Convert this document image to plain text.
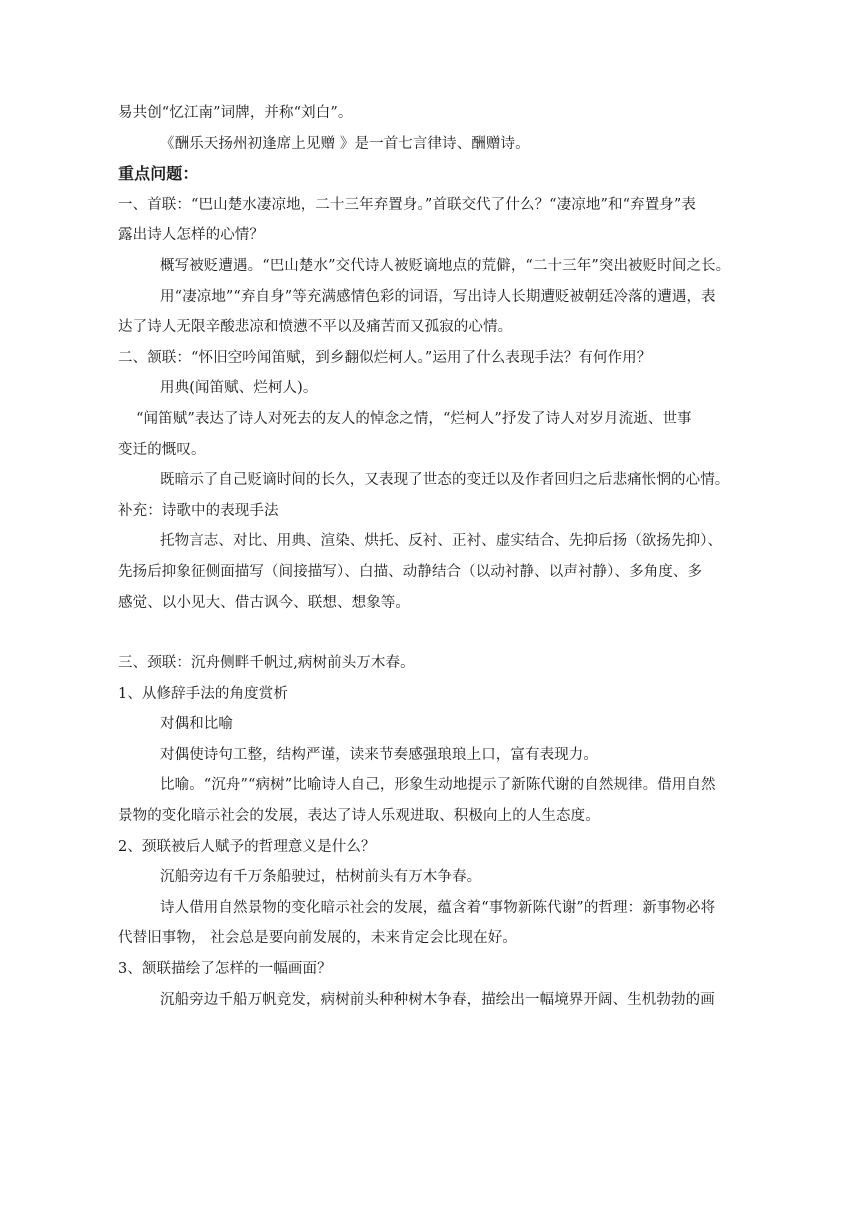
易共创“忆江南”词牌，并称“刘白”。
《酬乐天扬州初逢席上见赠 》是一首七言律诗、酬赠诗。
重点问题：
一、首联：“巴山楚水凄凉地，二十三年弃置身。”首联交代了什么？“凄凉地”和“弃置身”表
露出诗人怎样的心情？
概写被贬遭遇。“巴山楚水”交代诗人被贬谪地点的荒僻，“二十三年”突出被贬时间之长。
用“凄凉地”“弃自身”等充满感情色彩的词语，写出诗人长期遭贬被朝廷冷落的遭遇，表
达了诗人无限辛酸悲凉和愤懑不平以及痛苦而又孤寂的心情。
二、颔联：“怀旧空吟闻笛赋，到乡翻似烂柯人。”运用了什么表现手法？有何作用？
用典(闻笛赋、烂柯人)。
“闻笛赋”表达了诗人对死去的友人的悼念之情，“烂柯人”抒发了诗人对岁月流逝、世事
变迁的慨叹。
既暗示了自己贬谪时间的长久，又表现了世态的变迁以及作者回归之后悲痛怅惘的心情。
补充：诗歌中的表现手法
托物言志、对比、用典、渲染、烘托、反衬、正衬、虚实结合、先抑后扬（欲扬先抑）、
先扬后抑象征侧面描写（间接描写）、白描、动静结合（以动衬静、以声衬静）、多角度、多
感觉、以小见大、借古讽今、联想、想象等。
三、颈联：沉舟侧畔千帆过,病树前头万木春。
1、从修辞手法的角度赏析
对偶和比喻
对偶使诗句工整，结构严谨，读来节奏感强琅琅上口，富有表现力。
比喻。“沉舟”“病树”比喻诗人自己，形象生动地提示了新陈代谢的自然规律。借用自然
景物的变化暗示社会的发展，表达了诗人乐观进取、积极向上的人生态度。
2、颈联被后人赋予的哲理意义是什么？
沉船旁边有千万条船驶过，枯树前头有万木争春。
诗人借用自然景物的变化暗示社会的发展，蕴含着“事物新陈代谢”的哲理：新事物必将
代替旧事物， 社会总是要向前发展的，未来肯定会比现在好。
3、颔联描绘了怎样的一幅画面？
沉船旁边千船万帆竞发，病树前头种种树木争春，描绘出一幅境界开阔、生机勃勃的画
